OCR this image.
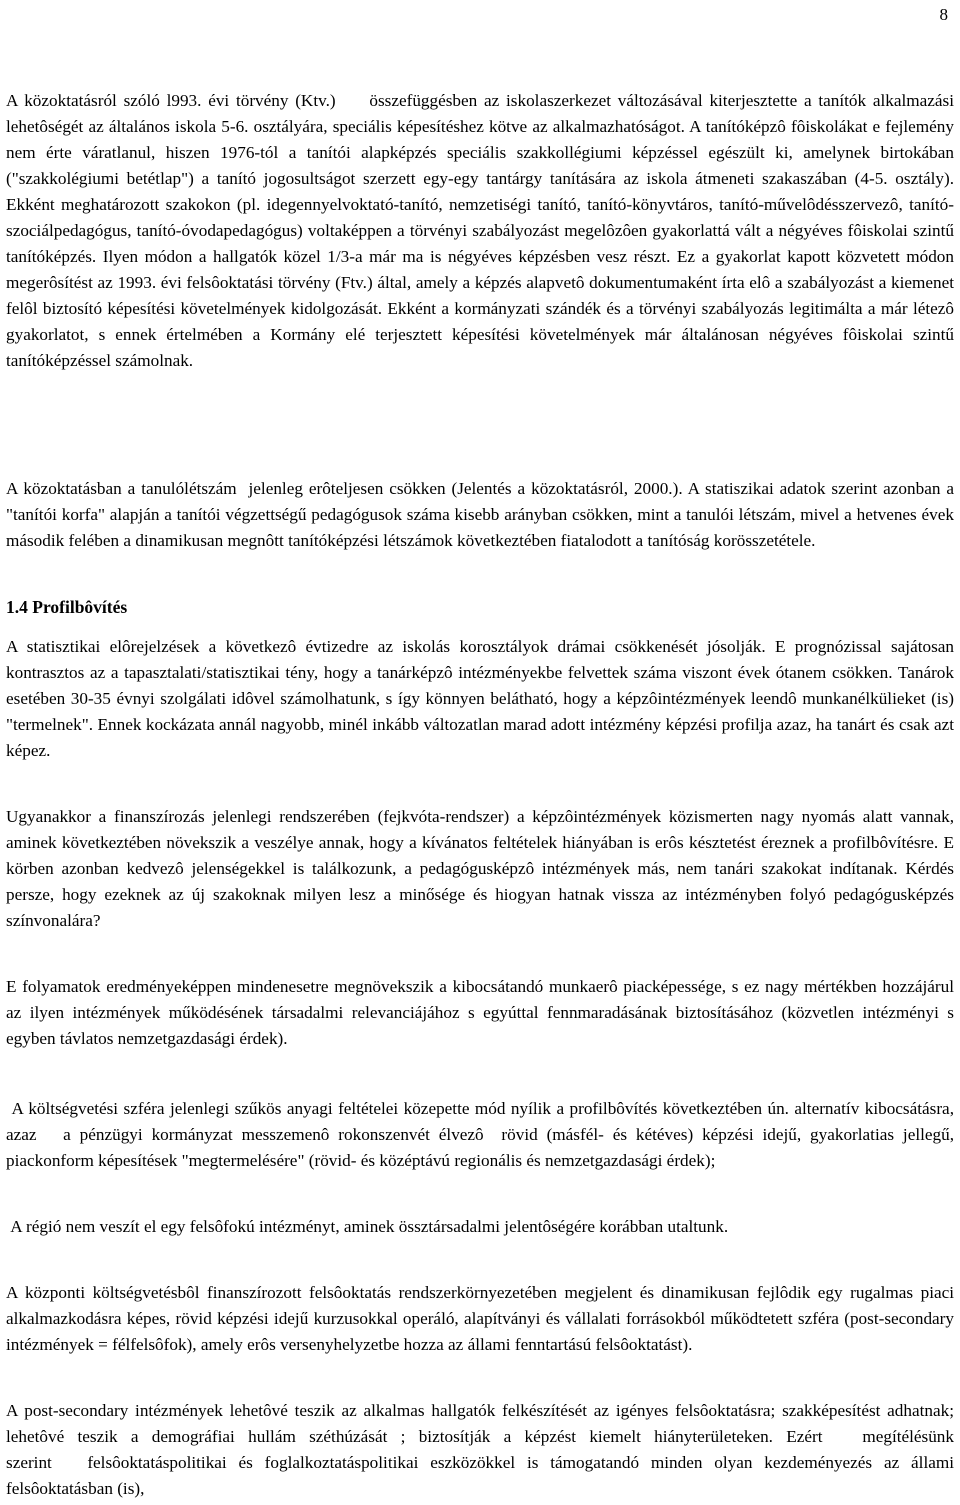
8

A közoktatásról szóló l993. évi törvény (Ktv.)     összefüggésben az iskolaszerkezet változásával kiterjesztette a tanítók alkalmazási lehetôségét az általános iskola 5-6. osztályára, speciális képesítéshez kötve az alkalmazhatóságot. A tanítóképzô fôiskolákat e fejlemény nem érte váratlanul, hiszen 1976-tól a tanítói alapképzés speciális szakkollégiumi képzéssel egészült ki, amelynek birtokában ("szakkolégiumi betétlap") a tanító jogosultságot szerzett egy-egy tantárgy tanítására az iskola átmeneti szakaszában (4-5. osztály). Ekként meghatározott szakokon (pl. idegennyelvoktató-tanító, nemzetiségi tanító, tanító-könyvtáros, tanító-művelôdésszervezô, tanító-szociálpedagógus, tanító-óvodapedagógus) voltaképpen a törvényi szabályozást megelôzôen gyakorlattá vált a négyéves fôiskolai szintű tanítóképzés. Ilyen módon a hallgatók közel 1/3-a már ma is négyéves képzésben vesz részt. Ez a gyakorlat kapott közvetett módon megerôsítést az 1993. évi felsôoktatási törvény (Ftv.) által, amely a képzés alapvetô dokumentumaként írta elô a szabályozást a kiemenet felôl biztosító képesítési követelmények kidolgozását. Ekként a kormányzati szándék és a törvényi szabályozás legitimálta a már létezô gyakorlatot, s ennek értelmében a Kormány elé terjesztett képesítési követelmények már általánosan négyéves fôiskolai szintű tanítóképzéssel számolnak.

A közoktatásban a tanulólétszám  jelenleg erôteljesen csökken (Jelentés a közoktatásról, 2000.). A statiszikai adatok szerint azonban a "tanítói korfa" alapján a tanítói végzettségű pedagógusok száma kisebb arányban csökken, mint a tanulói létszám, mivel a hetvenes évek második felében a dinamikusan megnôtt tanítóképzési létszámok következtében fiatalodott a tanítóság korösszetétele.

1.4 Profilbôvítés

A statisztikai elôrejelzések a következô évtizedre az iskolás korosztályok drámai csökkenését jósolják. E prognózissal sajátosan kontrasztos az a tapasztalati/statisztikai tény, hogy a tanárképzô intézményekbe felvettek száma viszont évek ótanem csökken. Tanárok esetében 30-35 évnyi szolgálati idôvel számolhatunk, s így könnyen belátható, hogy a képzôintézmények leendô munkanélkülieket (is) "termelnek". Ennek kockázata annál nagyobb, minél inkább változatlan marad adott intézmény képzési profilja azaz, ha tanárt és csak azt képez.

Ugyanakkor a finanszírozás jelenlegi rendszerében (fejkvóta-rendszer) a képzôintézmények közismerten nagy nyomás alatt vannak, aminek következtében növekszik a veszélye annak, hogy a kívánatos feltételek hiányában is erôs késztetést éreznek a profilbôvítésre. E körben azonban kedvezô jelenségekkel is találkozunk, a pedagógusképzô intézmények más, nem tanári szakokat indítanak. Kérdés persze, hogy ezeknek az új szakoknak milyen lesz a minősége és hiogyan hatnak vissza az intézményben folyó pedagógusképzés színvonalára?

E folyamatok eredményeképpen mindenesetre megnövekszik a kibocsátandó munkaerô piacképessége, s ez nagy mértékben hozzájárul az ilyen intézmények működésének társadalmi relevanciájához s egyúttal fennmaradásának biztosításához (közvetlen intézményi s egyben távlatos nemzetgazdasági érdek).

A költségvetési szféra jelenlegi szűkös anyagi feltételei közepette mód nyílik a profilbôvítés következtében ún. alternatív kibocsátásra, azaz   a pénzügyi kormányzat messzemenô rokonszenvét élvezô  rövid (másfél- és kétéves) képzési idejű, gyakorlatias jellegű, piackonform képesítések "megtermelésére" (rövid- és középtávú regionális és nemzetgazdasági érdek);

A régió nem veszít el egy felsôfokú intézményt, aminek össztársadalmi jelentôségére korábban utaltunk.

A központi költségvetésbôl finanszírozott felsôoktatás rendszerkörnyezetében megjelent és dinamikusan fejlôdik egy rugalmas piaci alkalmazkodásra képes, rövid képzési idejű kurzusokkal operáló, alapítványi és vállalati forrásokból működtetett szféra (post-secondary intézmények = félfelsôfok), amely erôs versenyhelyzetbe hozza az állami fenntartású felsôoktatást).

A post-secondary intézmények lehetôvé teszik az alkalmas hallgatók felkészítését az igényes felsôoktatásra; szakképesítést adhatnak; lehetôvé teszik a demográfiai hullám széthúzását ; biztosítják a képzést kiemelt hiányterületeken. Ezért   megítélésünk szerint   felsôoktatáspolitikai és foglalkoztatáspolitikai eszközökkel is támogatandó minden olyan kezdeményezés az állami felsôoktatásban (is),
